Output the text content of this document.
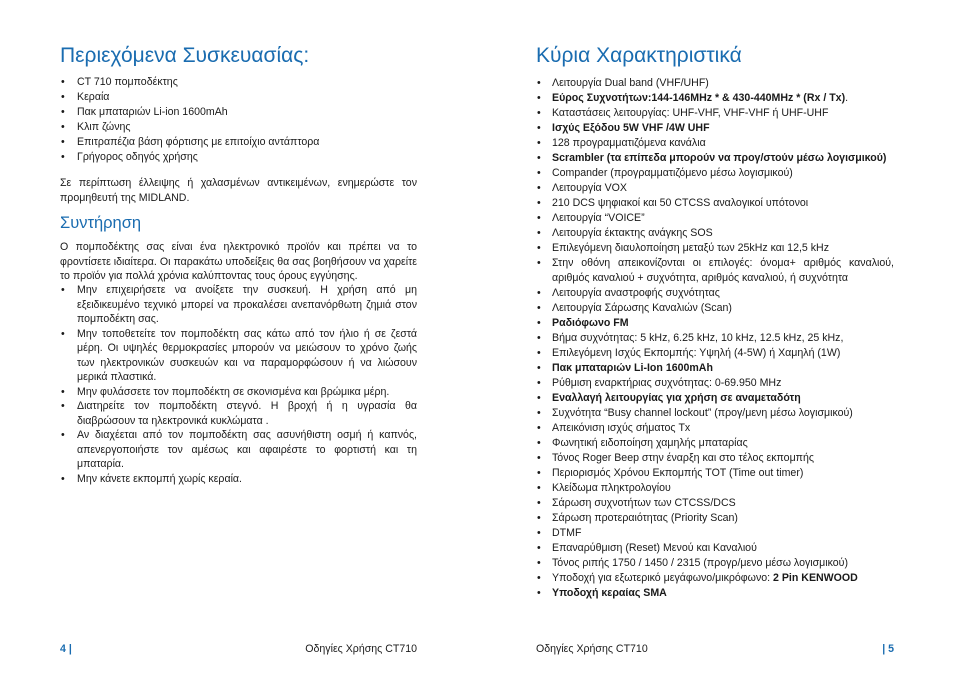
Περιεχόμενα Συσκευασίας:
• CT 710 πομποδέκτης
• Κεραία
• Πακ μπαταριών Li-ion 1600mAh
• Κλιπ ζώνης
• Επιτραπέζια βάση φόρτισης με επιτοίχιο αντάπτορα
• Γρήγορος οδηγός χρήσης

Σε περίπτωση έλλειψης ή χαλασμένων αντικειμένων, ενημερώστε τον προμηθευτή της MIDLAND.

Συντήρηση

Ο πομποδέκτης σας είναι ένα ηλεκτρονικό προϊόν και πρέπει να το φροντίσετε ιδιαίτερα. Οι παρακάτω υποδείξεις θα σας βοηθήσουν να χαρείτε το προϊόν για πολλά χρόνια καλύπτοντας τους όρους εγγύησης.

• Μην επιχειρήσετε να ανοίξετε την συσκευή. Η χρήση από μη εξειδικευμένο τεχνικό μπορεί να προκαλέσει ανεπανόρθωτη ζημιά στον πομποδέκτη σας.
• Μην τοποθετείτε τον πομποδέκτη σας κάτω από τον ήλιο ή σε ζεστά μέρη. Οι υψηλές θερμοκρασίες μπορούν να μειώσουν το χρόνο ζωής των ηλεκτρονικών συσκευών και να παραμορφώσουν ή να λιώσουν μερικά πλαστικά.
• Μην φυλάσσετε τον πομποδέκτη σε σκονισμένα και βρώμικα μέρη.
• Διατηρείτε τον πομποδέκτη στεγνό. Η βροχή ή η υγρασία θα διαβρώσουν τα ηλεκτρονικά κυκλώματα .
• Αν διαχέεται από τον πομποδέκτη σας ασυνήθιστη οσμή ή καπνός, απενεργοποιήστε τον αμέσως και αφαιρέστε το φορτιστή και τη μπαταρία.
• Μην κάνετε εκπομπή χωρίς κεραία.
4 |	Οδηγίες Χρήσης CT710
Κύρια Χαρακτηριστικά
• Λειτουργία Dual band (VHF/UHF)
• Εύρος Συχνοτήτων:144-146MHz * & 430-440MHz * (Rx / Tx).
• Καταστάσεις λειτουργίας: UHF-VHF, VHF-VHF ή UHF-UHF
• Ισχύς Εξόδου 5W VHF /4W UHF
• 128 προγραμματιζόμενα κανάλια
• Scrambler (τα επίπεδα μπορούν να προγ/στούν μέσω λογισμικού)
• Compander (προγραμματιζόμενο μέσω λογισμικού)
• Λειτουργία VOX
• 210 DCS ψηφιακοί και 50 CTCSS αναλογικοί υπότονοι
• Λειτουργία “VOICE”
• Λειτουργία έκτακτης ανάγκης SOS
• Επιλεγόμενη διαυλοποίηση μεταξύ των 25kHz και 12,5 kHz
• Στην οθόνη απεικονίζονται οι επιλογές: όνομα+ αριθμός καναλιού, αριθμός καναλιού + συχνότητα, αριθμός καναλιού, ή συχνότητα
• Λειτουργία αναστροφής συχνότητας
• Λειτουργία Σάρωσης Καναλιών (Scan)
• Ραδιόφωνο FM
• Βήμα συχνότητας: 5 kHz, 6.25 kHz, 10 kHz, 12.5 kHz, 25 kHz,
• Επιλεγόμενη Ισχύς Εκπομπής: Υψηλή (4-5W) ή Χαμηλή (1W)
• Πακ μπαταριών Li-Ion 1600mAh
• Ρύθμιση εναρκτήριας συχνότητας: 0-69.950 MHz
• Εναλλαγή λειτουργίας για χρήση σε αναμεταδότη
• Συχνότητα “Busy channel lockout” (προγ/μενη μέσω λογισμικού)
• Απεικόνιση ισχύς σήματος Tx
• Φωνητική ειδοποίηση χαμηλής μπαταρίας
• Τόνος Roger Beep στην έναρξη και στο τέλος εκπομπής
• Περιορισμός Χρόνου Εκπομπής TOT (Time out timer)
• Κλείδωμα πληκτρολογίου
• Σάρωση συχνοτήτων των CTCSS/DCS
• Σάρωση προτεραιότητας (Priority Scan)
• DTMF
• Επαναρύθμιση (Reset) Μενού και Καναλιού
• Τόνος ριπής 1750 / 1450 / 2315 (προγρ/μενο μέσω λογισμικού)
• Υποδοχή για εξωτερικό μεγάφωνο/μικρόφωνο: 2 Pin KENWOOD
• Υποδοχή κεραίας SMA
Οδηγίες Χρήσης CT710	| 5
